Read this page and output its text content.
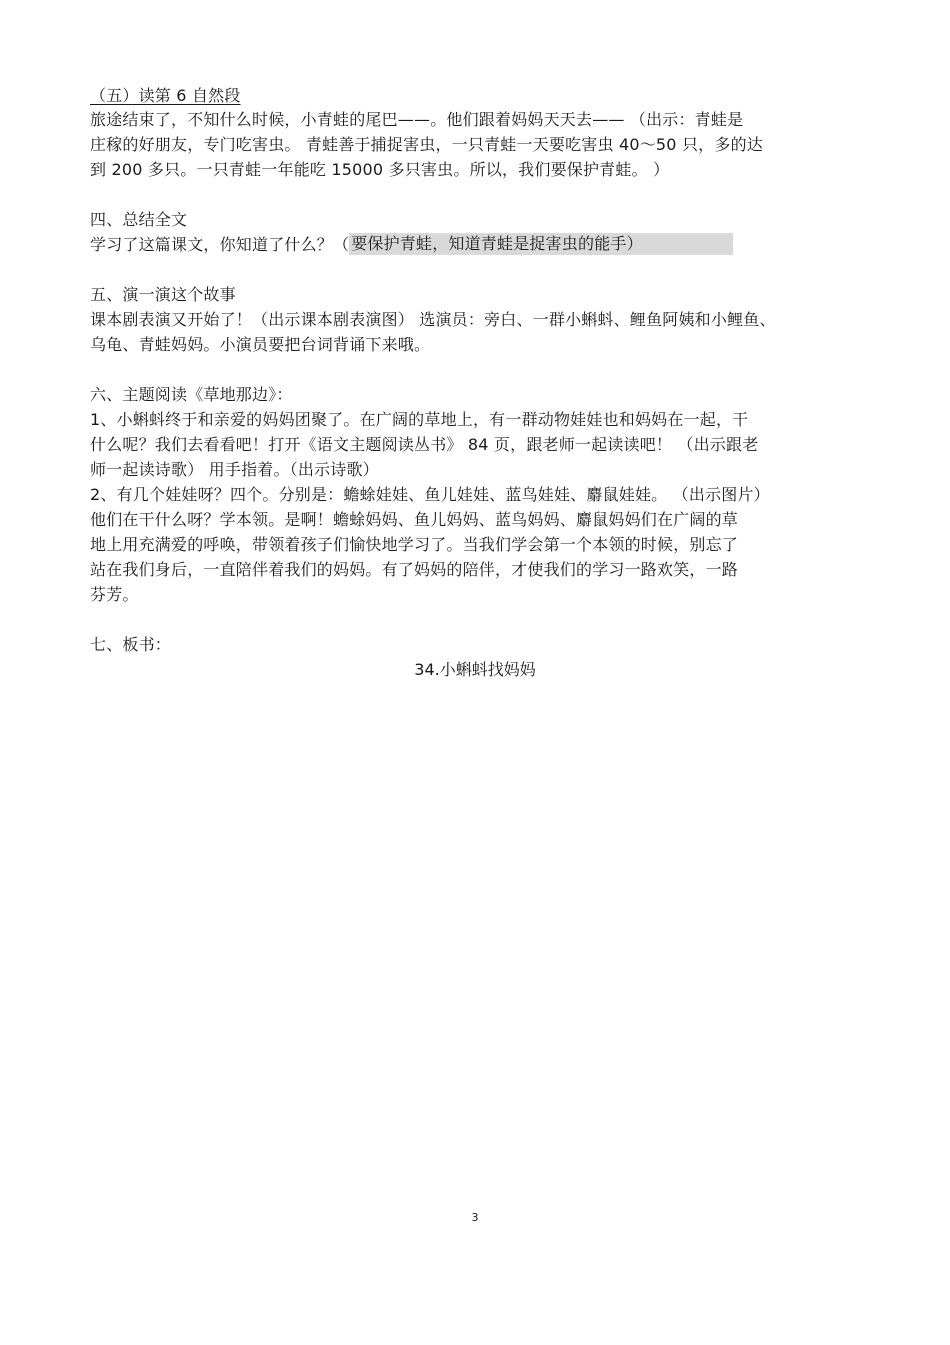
（五）读第 6 自然段
旅途结束了，不知什么时候，小青蛙的尾巴——。他们跟着妈妈天天去—— （出示：青蛙是
庄稼的好朋友，专门吃害虫。 青蛙善于捕捉害虫，一只青蛙一天要吃害虫 40～50 只，多的达
到 200 多只。一只青蛙一年能吃 15000 多只害虫。所以，我们要保护青蛙。 ）
四、总结全文
学习了这篇课文，你知道了什么？（ 要保护青蛙，知道青蛙是捉害虫的能手）
五、演一演这个故事
课本剧表演又开始了！（出示课本剧表演图） 选演员：旁白、一群小蝌蚪、鲤鱼阿姨和小鲤鱼、
乌龟、青蛙妈妈。小演员要把台词背诵下来哦。
六、主题阅读《草地那边》：
1、小蝌蚪终于和亲爱的妈妈团聚了。在广阔的草地上，有一群动物娃娃也和妈妈在一起，干
什么呢？我们去看看吧！打开《语文主题阅读丛书》 84 页，跟老师一起读读吧！ （出示跟老
师一起读诗歌） 用手指着。（出示诗歌）
2、有几个娃娃呀？四个。分别是：蟾蜍娃娃、鱼儿娃娃、蓝鸟娃娃、麝鼠娃娃。 （出示图片）
他们在干什么呀？学本领。是啊！蟾蜍妈妈、鱼儿妈妈、蓝鸟妈妈、麝鼠妈妈们在广阔的草
地上用充满爱的呼唤，带领着孩子们愉快地学习了。当我们学会第一个本领的时候，别忘了
站在我们身后，一直陪伴着我们的妈妈。有了妈妈的陪伴，才使我们的学习一路欢笑，一路
芬芳。
七、板书：
34.小蝌蚪找妈妈
3
